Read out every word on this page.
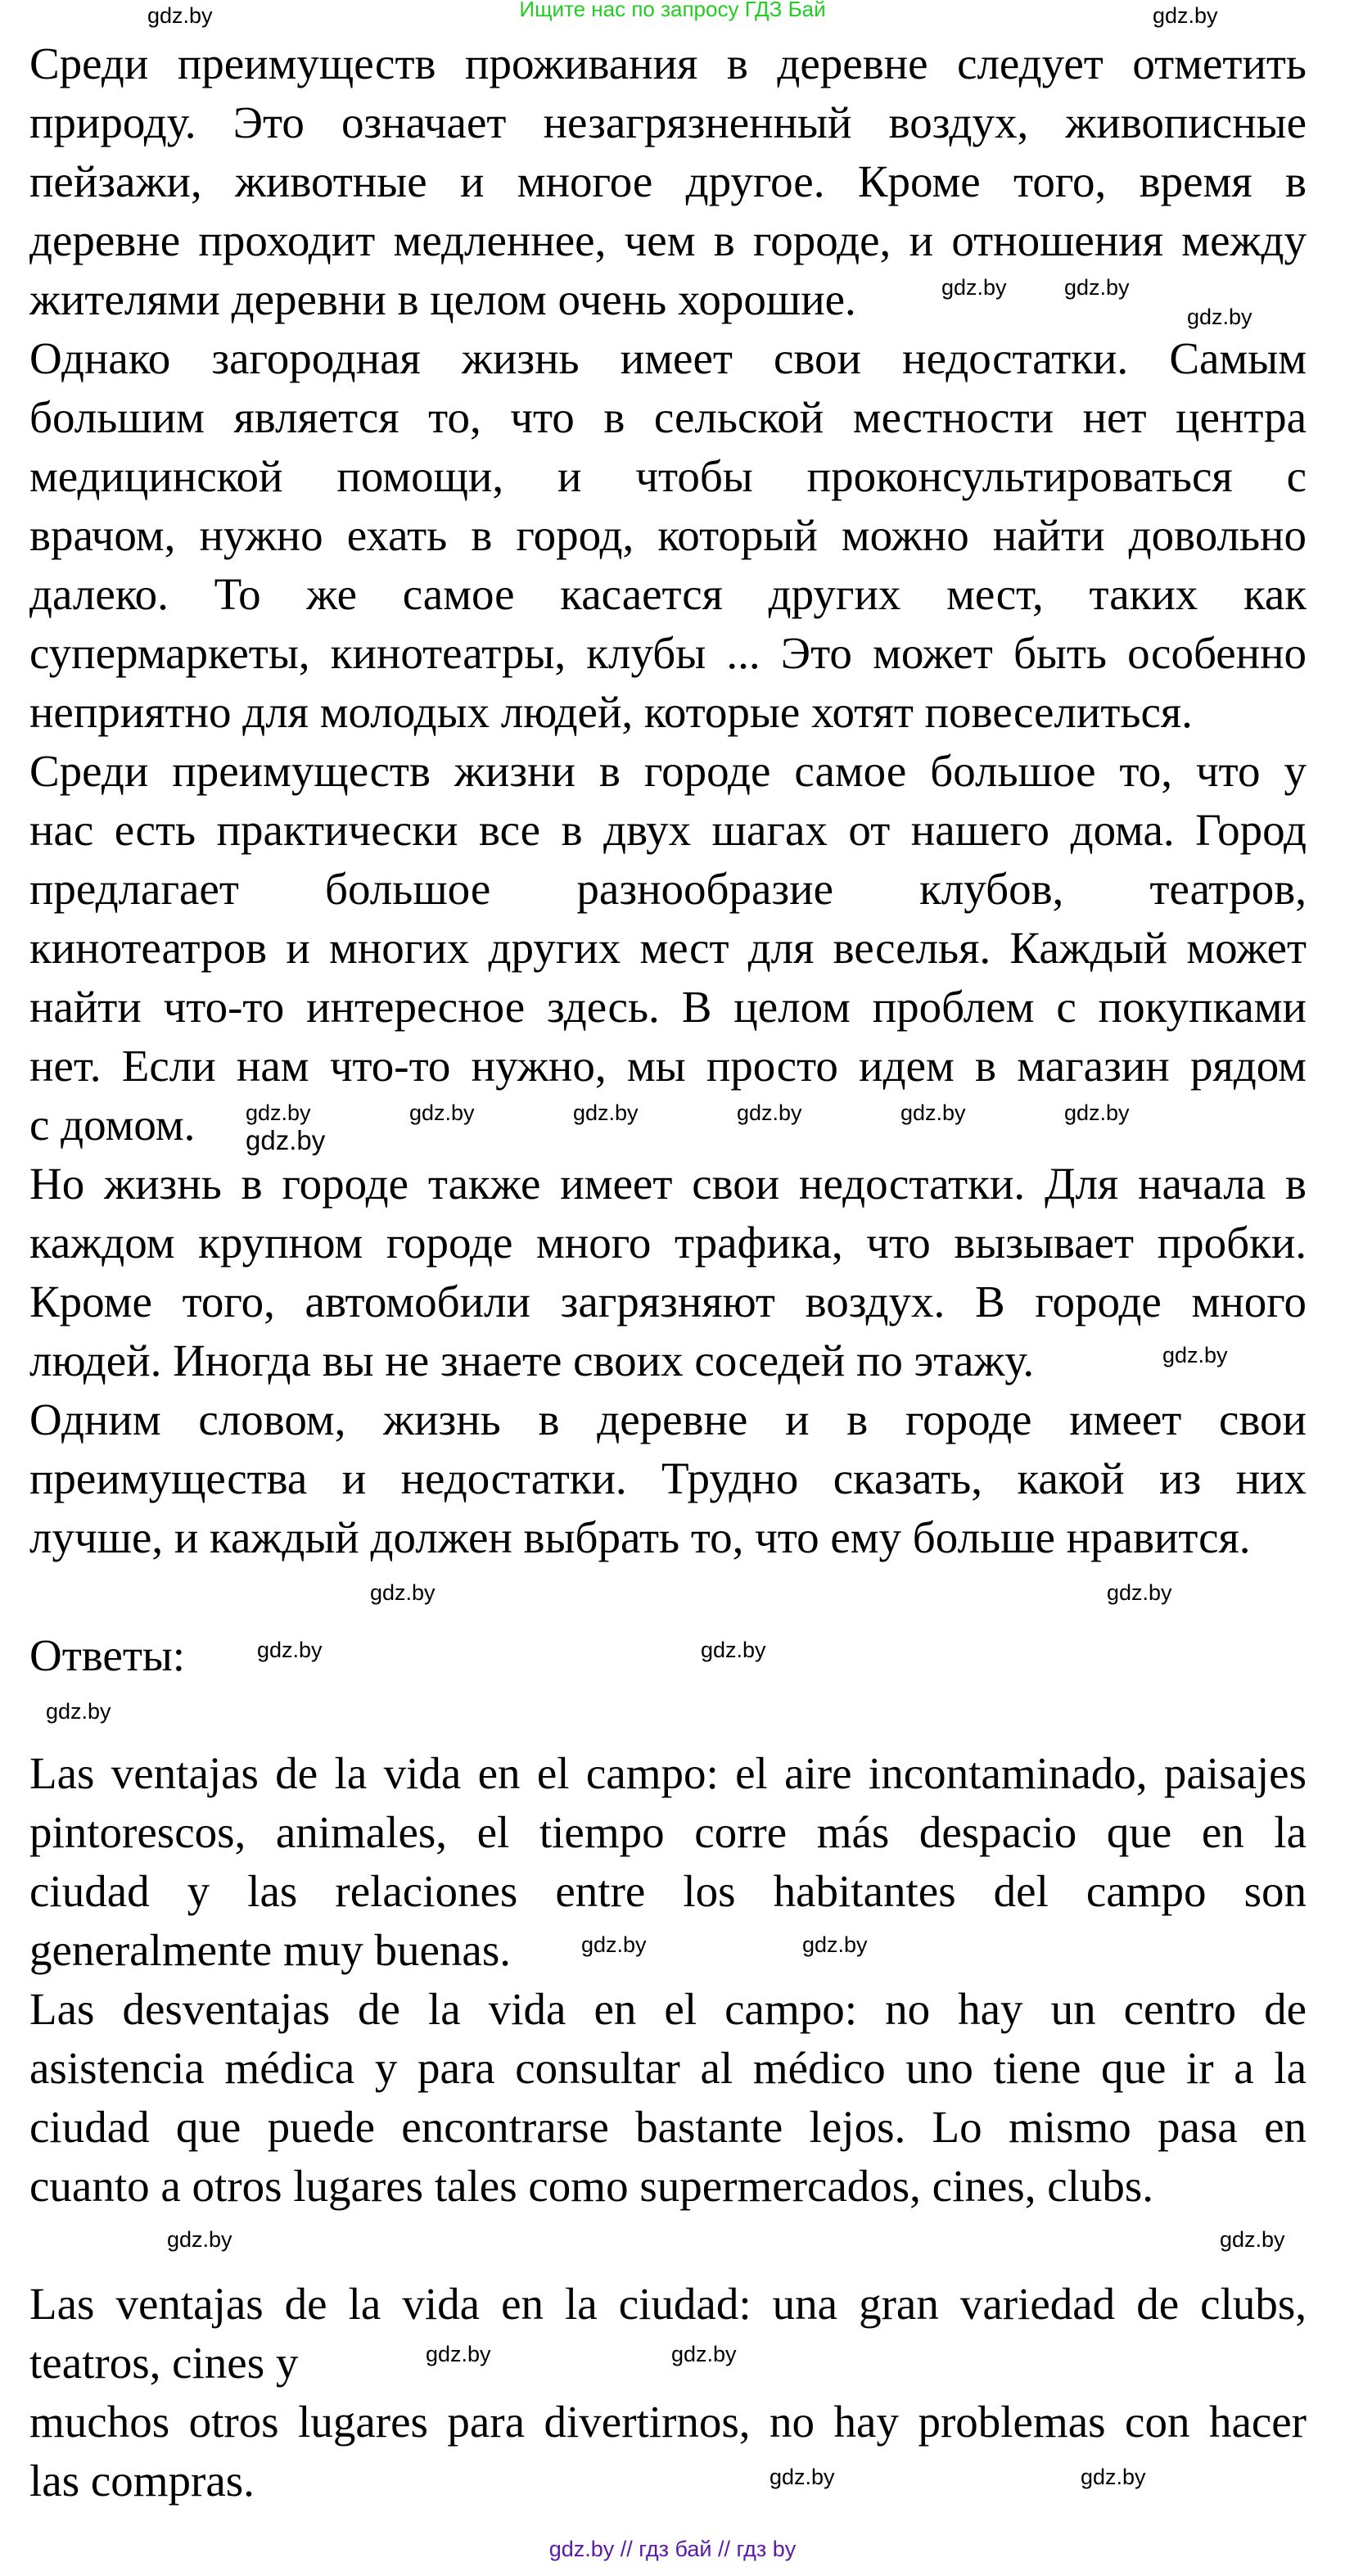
Ищите нас по запросу ГДЗ Бай
Среди преимуществ проживания в деревне следует отметить
природу. Это означает незагрязненный воздух, живописные
пейзажи, животные и многое другое. Кроме того, время в
деревне проходит медленнее, чем в городе, и отношения между
жителями деревни в целом очень хорошие.
Однако загородная жизнь имеет свои недостатки. Самым
большим является то, что в сельской местности нет центра
медицинской помощи, и чтобы проконсультироваться с
врачом, нужно ехать в город, который можно найти довольно
далеко. То же самое касается других мест, таких как
супермаркеты, кинотеатры, клубы ... Это может быть особенно
неприятно для молодых людей, которые хотят повеселиться.
Среди преимуществ жизни в городе самое большое то, что у
нас есть практически все в двух шагах от нашего дома. Город
предлагает большое разнообразие клубов, театров,
кинотеатров и многих других мест для веселья. Каждый может
найти что-то интересное здесь. В целом проблем с покупками
нет. Если нам что-то нужно, мы просто идем в магазин рядом
с домом.
Но жизнь в городе также имеет свои недостатки. Для начала в
каждом крупном городе много трафика, что вызывает пробки.
Кроме того, автомобили загрязняют воздух. В городе много
людей. Иногда вы не знаете своих соседей по этажу.
Одним словом, жизнь в деревне и в городе имеет свои
преимущества и недостатки. Трудно сказать, какой из них
лучше, и каждый должен выбрать то, что ему больше нравится.
Ответы:
Las ventajas de la vida en el campo: el aire incontaminado, paisajes
pintorescos, animales, el tiempo corre más despacio que en la
ciudad y las relaciones entre los habitantes del campo son
generalmente muy buenas.
Las desventajas de la vida en el campo: no hay un centro de
asistencia médica y para consultar al médico uno tiene que ir a la
ciudad que puede encontrarse bastante lejos. Lo mismo pasa en
cuanto a otros lugares tales como supermercados, cines, clubs.
Las ventajas de la vida en la ciudad: una gran variedad de clubs,
teatros, cines y
muchos otros lugares para divertirnos, no hay problemas con hacer
las compras.
gdz.by	gdz.by
gdz.by	gdz.by
gdz.by
gdz.by	gdz.by	gdz.by	gdz.by	gdz.by	gdz.by
gdz.by
gdz.by
gdz.by	gdz.by
gdz.by
gdz.by
gdz.by
gdz.by
gdz.by
gdz.by
gdz.by
gdz.by	gdz.by
gdz.by
gdz.by
gdz.by // гдз бай // гдз by
